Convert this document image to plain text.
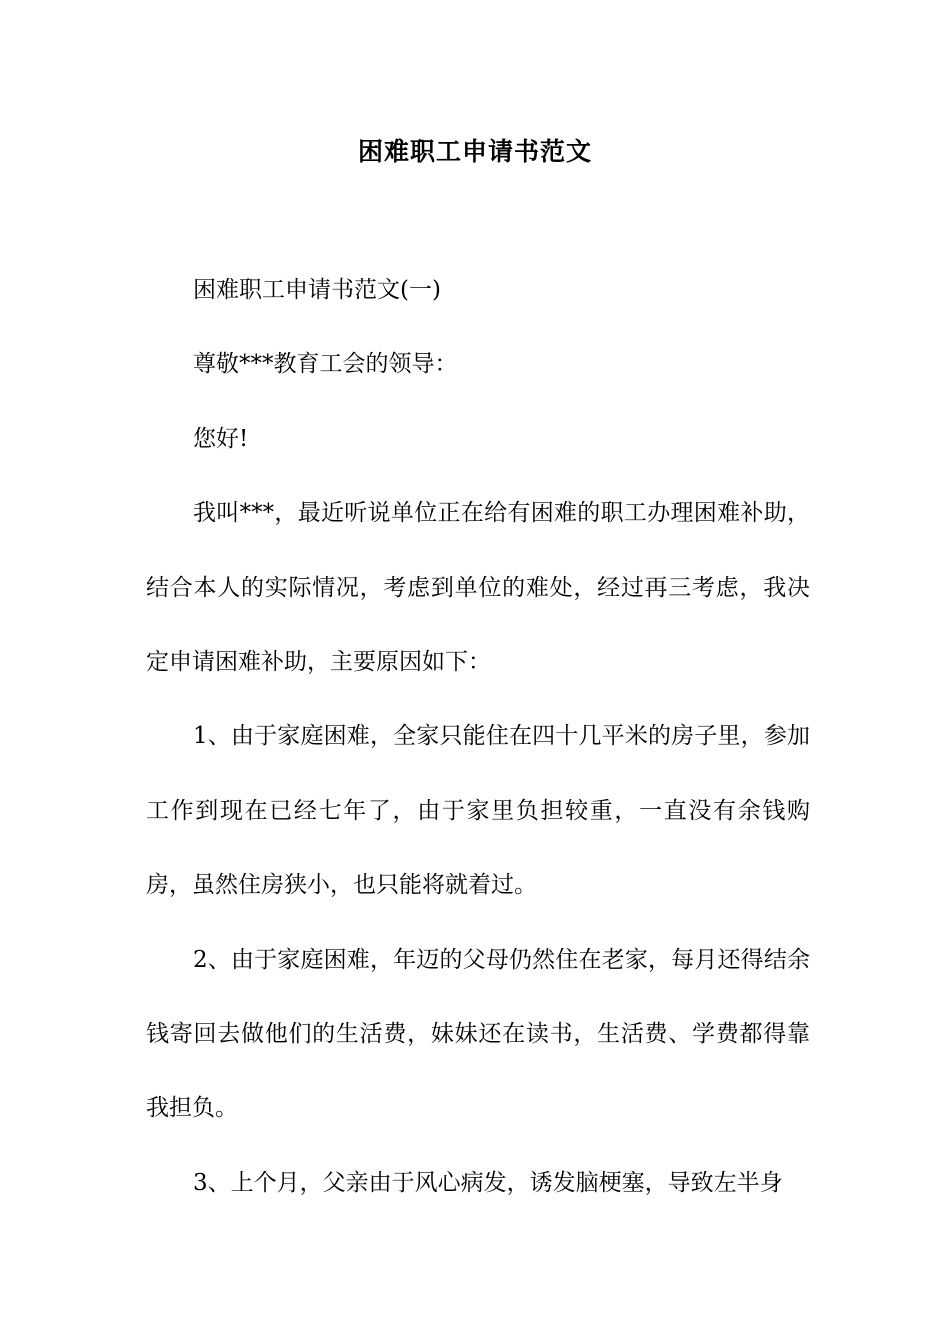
困难职工申请书范文

困难职工申请书范文(一)

尊敬***教育工会的领导：

您好!

我叫***，最近听说单位正在给有困难的职工办理困难补助，结合本人的实际情况，考虑到单位的难处，经过再三考虑，我决定申请困难补助，主要原因如下：

1、由于家庭困难，全家只能住在四十几平米的房子里，参加工作到现在已经七年了，由于家里负担较重，一直没有余钱购房，虽然住房狭小，也只能将就着过。

2、由于家庭困难，年迈的父母仍然住在老家，每月还得结余钱寄回去做他们的生活费，妹妹还在读书，生活费、学费都得靠我担负。

3、上个月，父亲由于风心病发，诱发脑梗塞，导致左半身
